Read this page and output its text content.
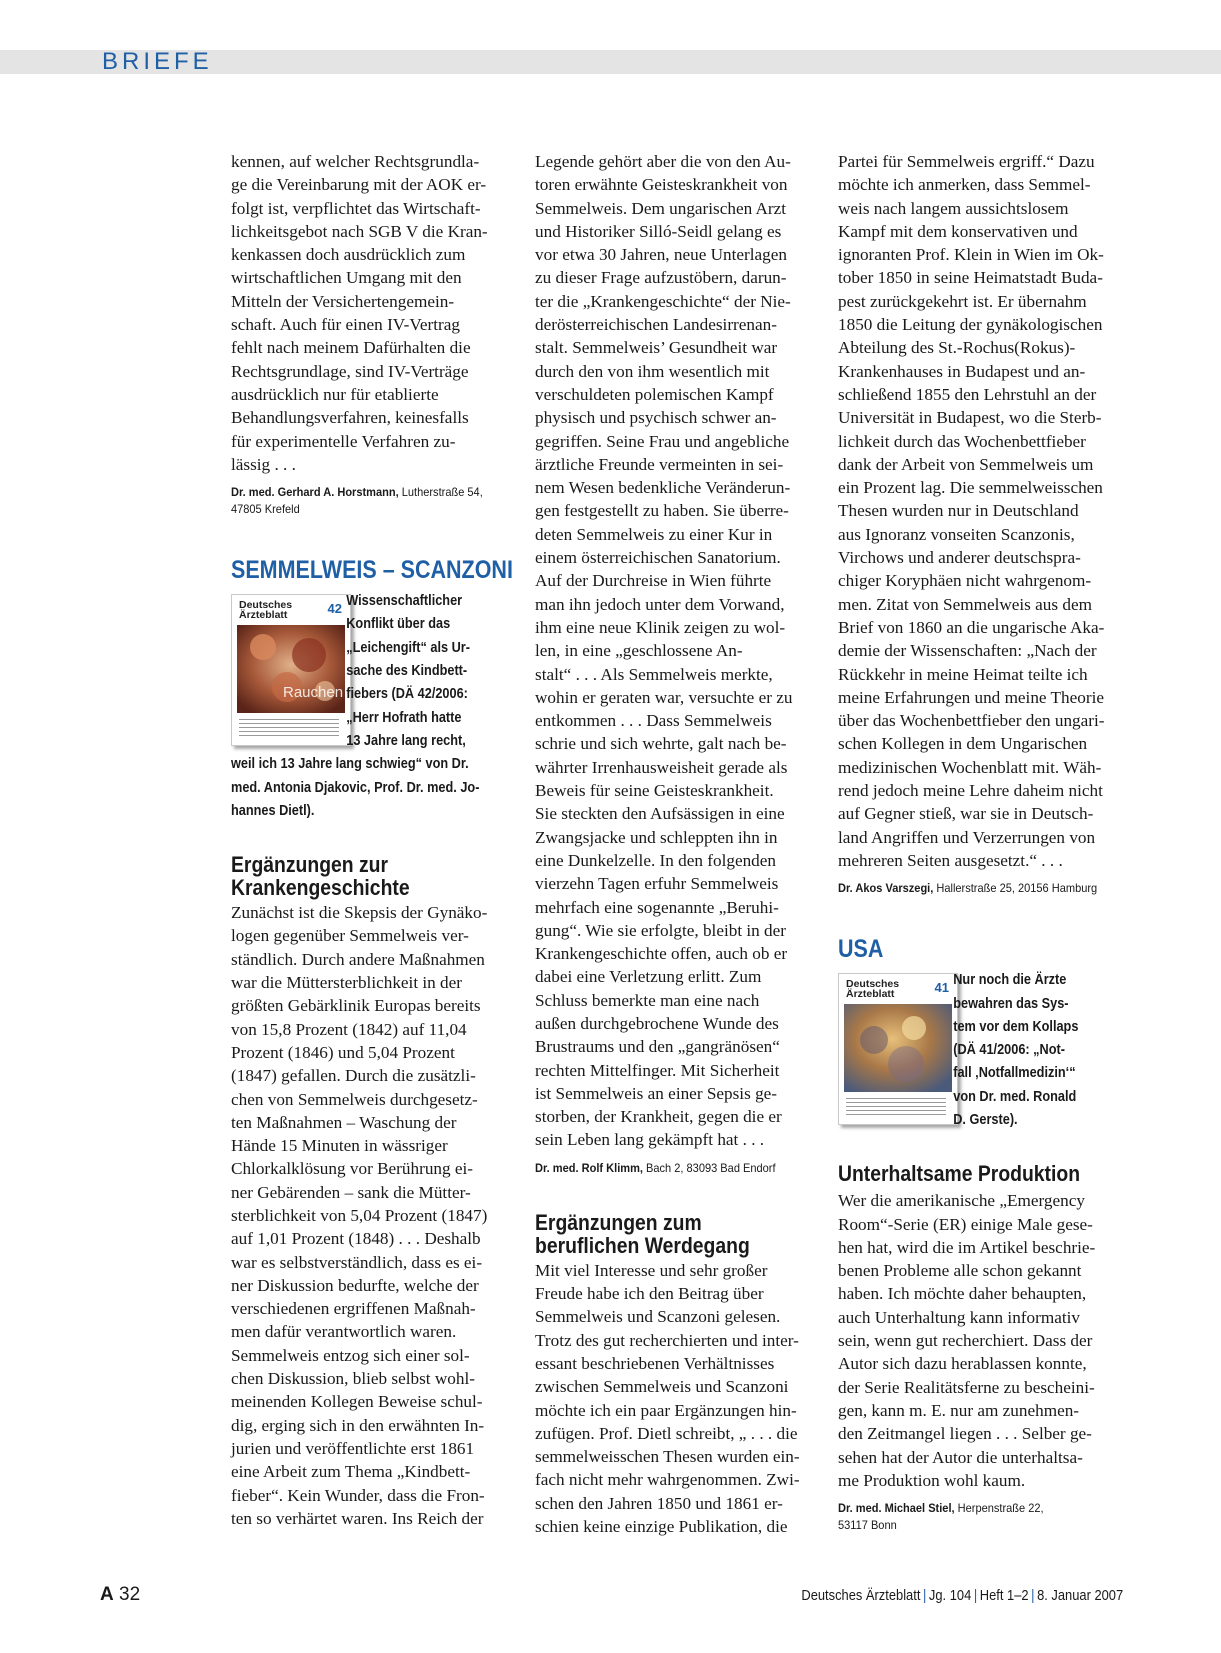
BRIEFE

kennen, auf welcher Rechtsgrundla-
ge die Vereinbarung mit der AOK er-
folgt ist, verpflichtet das Wirtschaft-
lichkeitsgebot nach SGB V die Kran-
kenkassen doch ausdrücklich zum
wirtschaftlichen Umgang mit den
Mitteln der Versichertengemein-
schaft. Auch für einen IV-Vertrag
fehlt nach meinem Dafürhalten die
Rechtsgrundlage, sind IV-Verträge
ausdrücklich nur für etablierte
Behandlungsverfahren, keinesfalls
für experimentelle Verfahren zu-
lässig . . .

Dr. med. Gerhard A. Horstmann, Lutherstraße 54,
47805 Krefeld
SEMMELWEIS – SCANZONI
Deutsches
Ärzteblatt	42
Rauchen
Wissenschaftlicher
Konflikt über das
„Leichengift“ als Ur-
sache des Kindbett-
fiebers (DÄ 42/2006:
„Herr Hofrath hatte
13 Jahre lang recht,
weil ich 13 Jahre lang schwieg“ von Dr.
med. Antonia Djakovic, Prof. Dr. med. Jo-
hannes Dietl).
Ergänzungen zur
Krankengeschichte

Zunächst ist die Skepsis der Gynäko-
logen gegenüber Semmelweis ver-
ständlich. Durch andere Maßnahmen
war die Müttersterblichkeit in der
größten Gebärklinik Europas bereits
von 15,8 Prozent (1842) auf 11,04
Prozent (1846) und 5,04 Prozent
(1847) gefallen. Durch die zusätzli-
chen von Semmelweis durchgesetz-
ten Maßnahmen – Waschung der
Hände 15 Minuten in wässriger
Chlorkalklösung vor Berührung ei-
ner Gebärenden – sank die Mütter-
sterblichkeit von 5,04 Prozent (1847)
auf 1,01 Prozent (1848) . . . Deshalb
war es selbstverständlich, dass es ei-
ner Diskussion bedurfte, welche der
verschiedenen ergriffenen Maßnah-
men dafür verantwortlich waren.
Semmelweis entzog sich einer sol-
chen Diskussion, blieb selbst wohl-
meinenden Kollegen Beweise schul-
dig, erging sich in den erwähnten In-
jurien und veröffentlichte erst 1861
eine Arbeit zum Thema „Kindbett-
fieber“. Kein Wunder, dass die Fron-
ten so verhärtet waren. Ins Reich der

Legende gehört aber die von den Au-
toren erwähnte Geisteskrankheit von
Semmelweis. Dem ungarischen Arzt
und Historiker Silló-Seidl gelang es
vor etwa 30 Jahren, neue Unterlagen
zu dieser Frage aufzustöbern, darun-
ter die „Krankengeschichte“ der Nie-
derösterreichischen Landesirrenan-
stalt. Semmelweis’ Gesundheit war
durch den von ihm wesentlich mit
verschuldeten polemischen Kampf
physisch und psychisch schwer an-
gegriffen. Seine Frau und angebliche
ärztliche Freunde vermeinten in sei-
nem Wesen bedenkliche Veränderun-
gen festgestellt zu haben. Sie überre-
deten Semmelweis zu einer Kur in
einem österreichischen Sanatorium.
Auf der Durchreise in Wien führte
man ihn jedoch unter dem Vorwand,
ihm eine neue Klinik zeigen zu wol-
len, in eine „geschlossene An-
stalt“ . . . Als Semmelweis merkte,
wohin er geraten war, versuchte er zu
entkommen . . . Dass Semmelweis
schrie und sich wehrte, galt nach be-
währter Irrenhausweisheit gerade als
Beweis für seine Geisteskrankheit.
Sie steckten den Aufsässigen in eine
Zwangsjacke und schleppten ihn in
eine Dunkelzelle. In den folgenden
vierzehn Tagen erfuhr Semmelweis
mehrfach eine sogenannte „Beruhi-
gung“. Wie sie erfolgte, bleibt in der
Krankengeschichte offen, auch ob er
dabei eine Verletzung erlitt. Zum
Schluss bemerkte man eine nach
außen durchgebrochene Wunde des
Brustraums und den „gangränösen“
rechten Mittelfinger. Mit Sicherheit
ist Semmelweis an einer Sepsis ge-
storben, der Krankheit, gegen die er
sein Leben lang gekämpft hat . . .

Dr. med. Rolf Klimm, Bach 2, 83093 Bad Endorf
Ergänzungen zum
beruflichen Werdegang

Mit viel Interesse und sehr großer
Freude habe ich den Beitrag über
Semmelweis und Scanzoni gelesen.
Trotz des gut recherchierten und inter-
essant beschriebenen Verhältnisses
zwischen Semmelweis und Scanzoni
möchte ich ein paar Ergänzungen hin-
zufügen. Prof. Dietl schreibt, „ . . . die
semmelweisschen Thesen wurden ein-
fach nicht mehr wahrgenommen. Zwi-
schen den Jahren 1850 und 1861 er-
schien keine einzige Publikation, die

Partei für Semmelweis ergriff.“ Dazu
möchte ich anmerken, dass Semmel-
weis nach langem aussichtslosem
Kampf mit dem konservativen und
ignoranten Prof. Klein in Wien im Ok-
tober 1850 in seine Heimatstadt Buda-
pest zurückgekehrt ist. Er übernahm
1850 die Leitung der gynäkologischen
Abteilung des St.-Rochus(Rokus)-
Krankenhauses in Budapest und an-
schließend 1855 den Lehrstuhl an der
Universität in Budapest, wo die Sterb-
lichkeit durch das Wochenbettfieber
dank der Arbeit von Semmelweis um
ein Prozent lag. Die semmelweisschen
Thesen wurden nur in Deutschland
aus Ignoranz vonseiten Scanzonis,
Virchows und anderer deutschspra-
chiger Koryphäen nicht wahrgenom-
men. Zitat von Semmelweis aus dem
Brief von 1860 an die ungarische Aka-
demie der Wissenschaften: „Nach der
Rückkehr in meine Heimat teilte ich
meine Erfahrungen und meine Theorie
über das Wochenbettfieber den ungari-
schen Kollegen in dem Ungarischen
medizinischen Wochenblatt mit. Wäh-
rend jedoch meine Lehre daheim nicht
auf Gegner stieß, war sie in Deutsch-
land Angriffen und Verzerrungen von
mehreren Seiten ausgesetzt.“ . . .

Dr. Akos Varszegi, Hallerstraße 25, 20156 Hamburg
USA
Deutsches
Ärzteblatt	41 Nur noch die Ärzte
bewahren das Sys-
tem vor dem Kollaps
(DÄ 41/2006: „Not-
fall ‚Notfallmedizin‘“
von Dr. med. Ronald
D. Gerste).
Unterhaltsame Produktion

Wer die amerikanische „Emergency
Room“-Serie (ER) einige Male gese-
hen hat, wird die im Artikel beschrie-
benen Probleme alle schon gekannt
haben. Ich möchte daher behaupten,
auch Unterhaltung kann informativ
sein, wenn gut recherchiert. Dass der
Autor sich dazu herablassen konnte,
der Serie Realitätsferne zu bescheini-
gen, kann m. E. nur am zunehmen-
den Zeitmangel liegen . . . Selber ge-
sehen hat der Autor die unterhaltsa-
me Produktion wohl kaum.

Dr. med. Michael Stiel, Herpenstraße 22,
53117 Bonn
A 32	Deutsches Ärzteblatt | Jg. 104 | Heft 1–2 | 8. Januar 2007
